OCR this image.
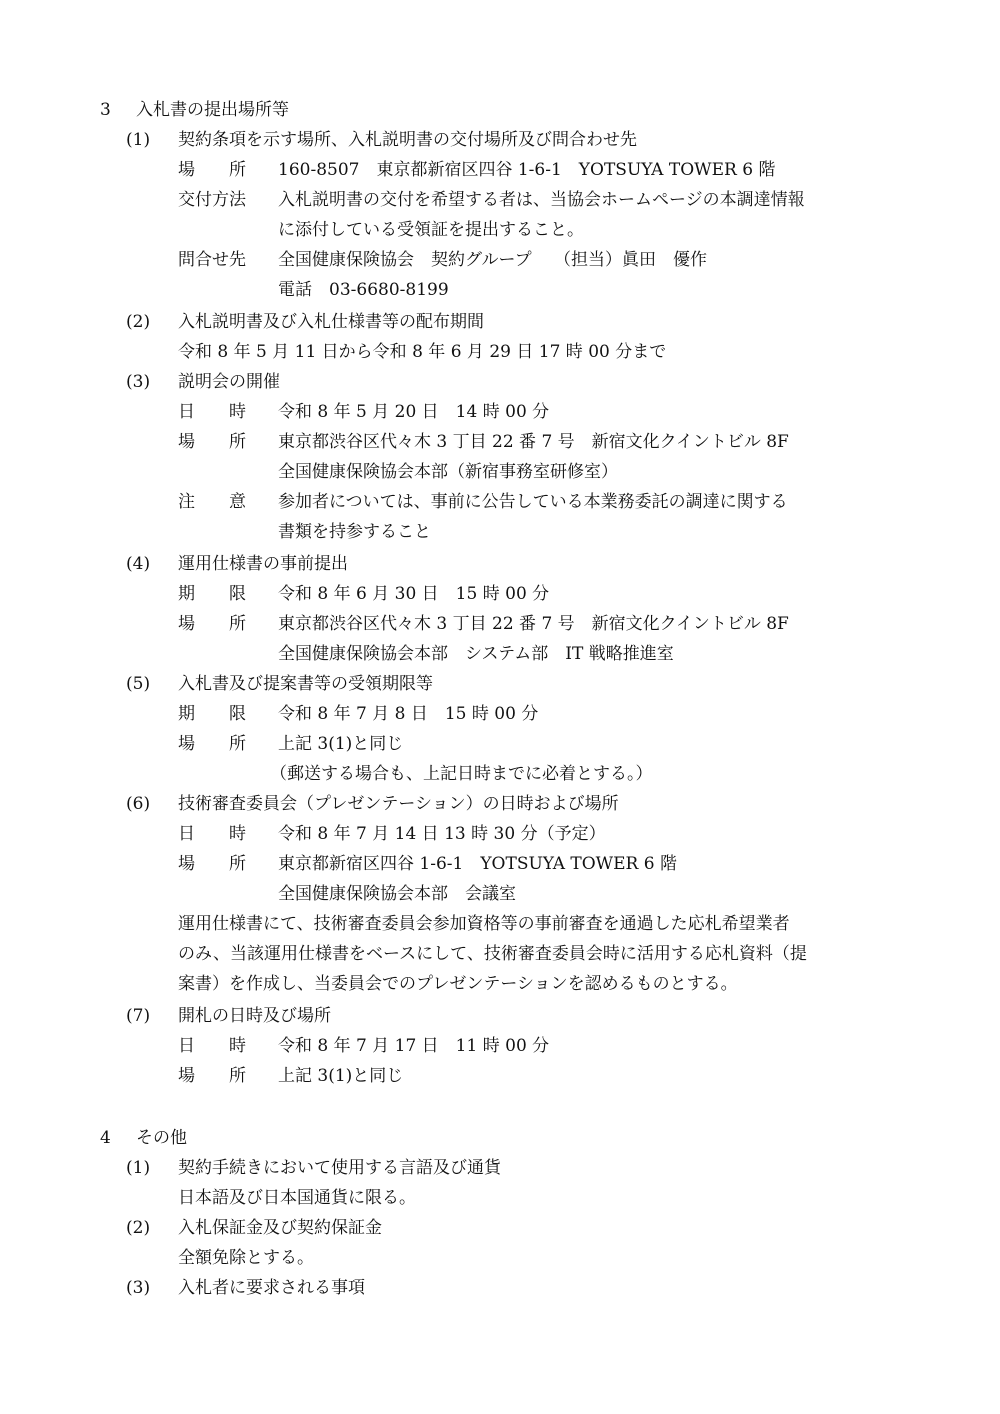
3 入札書の提出場所等
(1) 契約条項を示す場所、入札説明書の交付場所及び問合わせ先
場　　所 160-8507　東京都新宿区四谷 1-6-1　YOTSUYA TOWER 6 階
交付方法 入札説明書の交付を希望する者は、当協会ホームページの本調達情報
に添付している受領証を提出すること。
問合せ先 全国健康保険協会　契約グループ　 （担当）眞田　優作
電話　03-6680-8199
(2) 入札説明書及び入札仕様書等の配布期間
令和 8 年 5 月 11 日から令和 8 年 6 月 29 日 17 時 00 分まで
(3) 説明会の開催
日　　時 令和 8 年 5 月 20 日　14 時 00 分
場　　所 東京都渋谷区代々木 3 丁目 22 番 7 号　新宿文化クイントビル 8F
全国健康保険協会本部（新宿事務室研修室）
注　　意 参加者については、事前に公告している本業務委託の調達に関する
書類を持参すること
(4) 運用仕様書の事前提出
期　　限 令和 8 年 6 月 30 日　15 時 00 分
場　　所 東京都渋谷区代々木 3 丁目 22 番 7 号　新宿文化クイントビル 8F
全国健康保険協会本部　システム部　IT 戦略推進室
(5) 入札書及び提案書等の受領期限等
期　　限 令和 8 年 7 月 8 日　15 時 00 分
場　　所 上記 3(1)と同じ
（郵送する場合も、上記日時までに必着とする。）
(6) 技術審査委員会（プレゼンテーション）の日時および場所
日　　時 令和 8 年 7 月 14 日 13 時 30 分（予定）
場　　所 東京都新宿区四谷 1-6-1　YOTSUYA TOWER 6 階
全国健康保険協会本部　会議室
運用仕様書にて、技術審査委員会参加資格等の事前審査を通過した応札希望業者
のみ、当該運用仕様書をベースにして、技術審査委員会時に活用する応札資料（提
案書）を作成し、当委員会でのプレゼンテーションを認めるものとする。
(7) 開札の日時及び場所
日　　時 令和 8 年 7 月 17 日　11 時 00 分
場　　所 上記 3(1)と同じ
4 その他
(1) 契約手続きにおいて使用する言語及び通貨
日本語及び日本国通貨に限る。
(2) 入札保証金及び契約保証金
全額免除とする。
(3) 入札者に要求される事項
